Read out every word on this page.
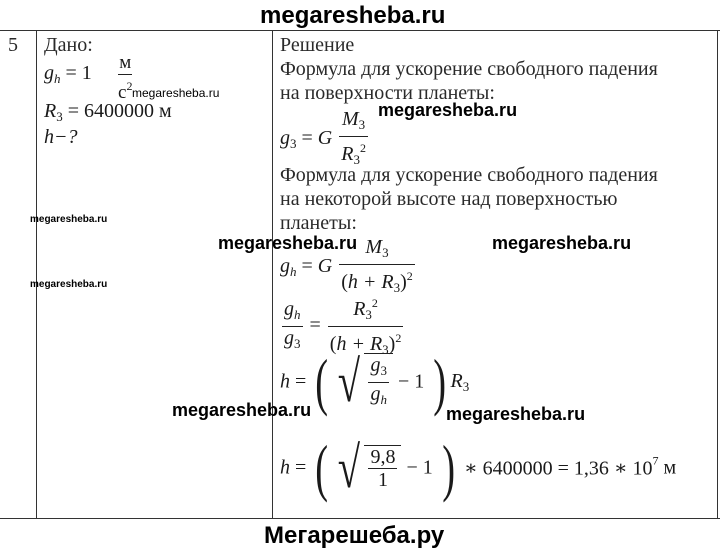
megaresheba.ru
5 Дано:
$g_h = 1$ м
$с^2$
$R_3 = 6400000$ м
h−?
Решение
Формула для ускорение свободного падения
на поверхности планеты:
$g_3 = G \frac{M_3}{R_3^2}$
Формула для ускорение свободного падения
на некоторой высоте над поверхностью
планеты:
$g_h = G \frac{M_3}{(h + R_3)^2}$
$\frac{g_h}{g_3} = \frac{R_3^2}{(h + R_3)^2}$
h = ( √ $\frac{g_3}{g_h} - 1$ ) $R_3$
h = ( √ $\frac{9,8}{1} - 1$ ) ∗ 6400000 = 1,36 ∗ $10^7$ м
megaresheba.ru
megaresheba.ru
megaresheba.ru
megaresheba.ru	megaresheba.ru
megaresheba.ru
megaresheba.ru	megaresheba.ru
Мегарешеба.ру
